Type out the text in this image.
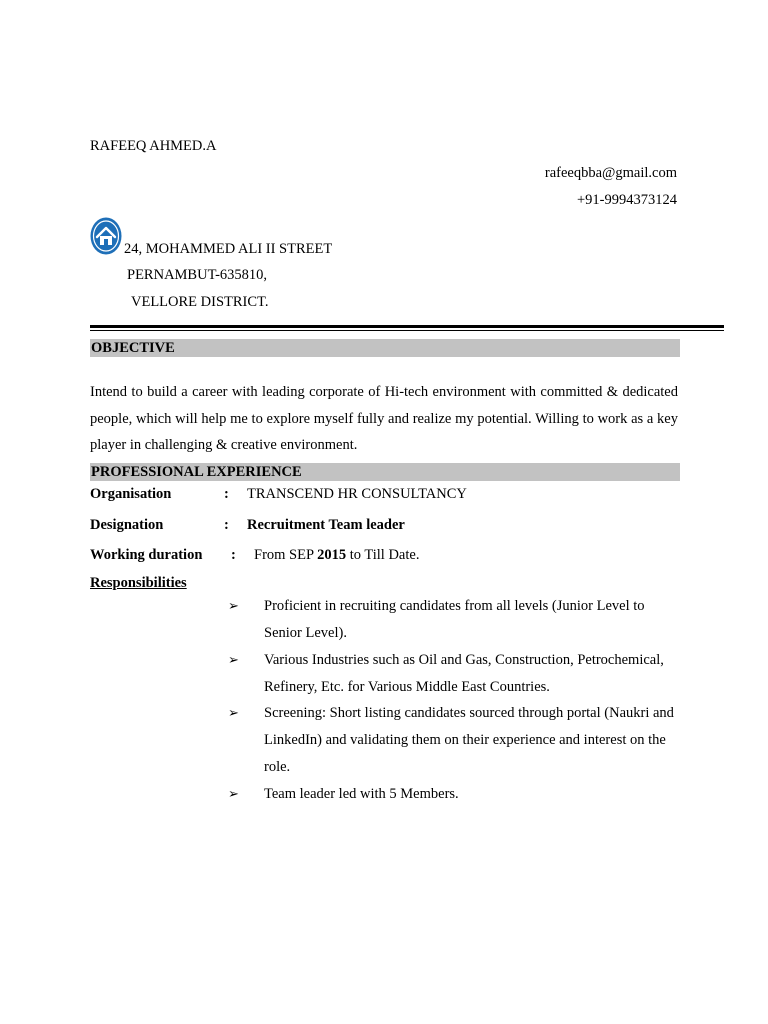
RAFEEQ AHMED.A
rafeeqbba@gmail.com
+91-9994373124
24, MOHAMMED ALI II STREET
PERNAMBUT-635810,
VELLORE DISTRICT.
OBJECTIVE
Intend to build a career with leading corporate of Hi-tech environment with committed & dedicated people, which will help me to explore myself fully and realize my potential. Willing to work as a key player in challenging & creative environment.
PROFESSIONAL EXPERIENCE
Organisation	: TRANSCEND HR CONSULTANCY
Designation	: Recruitment Team leader
Working duration : From SEP 2015 to Till Date.
Responsibilities
➢ Proficient in recruiting candidates from all levels (Junior Level to Senior Level).
➢ Various Industries such as Oil and Gas, Construction, Petrochemical, Refinery, Etc. for Various Middle East Countries.
➢ Screening: Short listing candidates sourced through portal (Naukri and LinkedIn) and validating them on their experience and interest on the role.
➢ Team leader led with 5 Members.
